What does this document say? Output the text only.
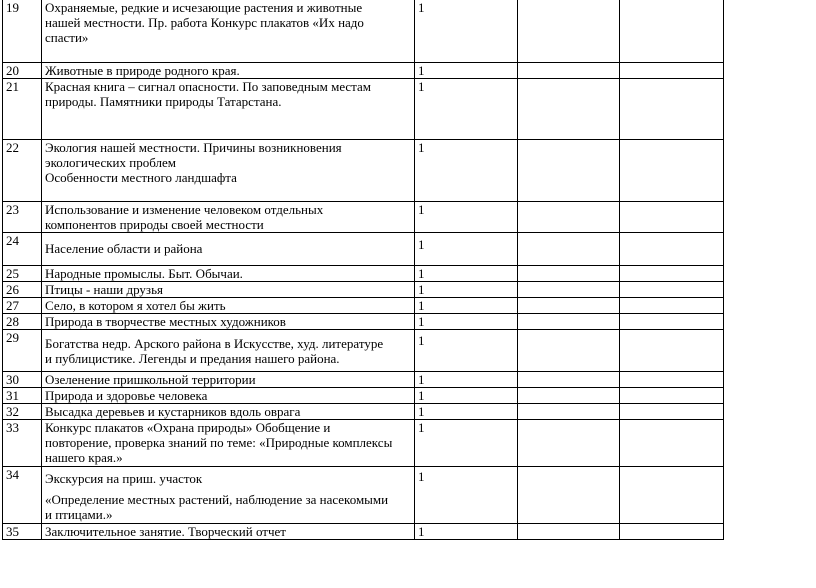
19	Охраняемые, редкие и исчезающие растения и животные
нашей местности. Пр. работа Конкурс плакатов «Их надо
спасти»	1		
20	Животные в природе родного края.	1		
21	Красная книга – сигнал опасности. По заповедным местам
природы. Памятники природы Татарстана.	1		
22	Экология нашей местности. Причины возникновения
экологических проблем
Особенности местного ландшафта	1		
23	Использование и изменение человеком отдельных
компонентов природы своей местности	1		
24	Население области и района	1		

25	Народные промыслы. Быт. Обычаи.	1		
26	Птицы - наши друзья	1		
27	Село, в котором я хотел бы жить	1		
28	Природа в творчестве местных художников	1		
29	Богатства недр. Арского района в Искусстве, худ. литературе
и публицистике. Легенды и предания нашего района.	1		

30	Озеленение пришкольной территории	1		
31	Природа и здоровье человека	1		
32	Высадка деревьев и кустарников вдоль оврага	1		
33	Конкурс плакатов «Охрана природы» Обобщение и
повторение, проверка знаний по теме: «Природные комплексы
нашего края.»	1		
34	Экскурсия на приш. участок
«Определение местных растений, наблюдение за насекомыми
и птицами.»	1		

35	Заключительное занятие. Творческий отчет	1		
